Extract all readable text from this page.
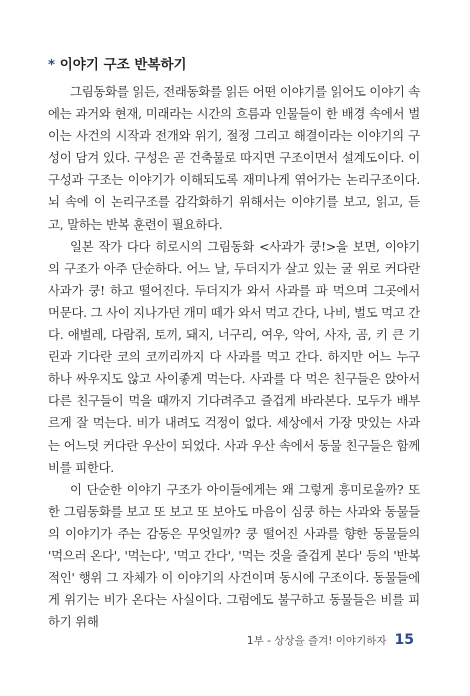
* 이야기 구조 반복하기

그림동화를 읽든, 전래동화를 읽든 어떤 이야기를 읽어도 이야기 속에는 과거와 현재, 미래라는 시간의 흐름과 인물들이 한 배경 속에서 벌이는 사건의 시작과 전개와 위기, 절정 그리고 해결이라는 이야기의 구성이 담겨 있다. 구성은 곧 건축물로 따지면 구조이면서 설계도이다. 이 구성과 구조는 이야기가 이해되도록 재미나게 엮어가는 논리구조이다. 뇌 속에 이 논리구조를 감각화하기 위해서는 이야기를 보고, 읽고, 듣고, 말하는 반복 훈련이 필요하다.

일본 작가 다다 히로시의 그림동화 <사과가 쿵!>을 보면, 이야기의 구조가 아주 단순하다. 어느 날, 두더지가 살고 있는 굴 위로 커다란 사과가 쿵! 하고 떨어진다. 두더지가 와서 사과를 파 먹으며 그곳에서 머문다. 그 사이 지나가던 개미 떼가 와서 먹고 간다, 나비, 벌도 먹고 간다. 애벌레, 다람쥐, 토끼, 돼지, 너구리, 여우, 악어, 사자, 곰, 키 큰 기린과 기다란 코의 코끼리까지 다 사과를 먹고 간다. 하지만 어느 누구 하나 싸우지도 않고 사이좋게 먹는다. 사과를 다 먹은 친구들은 앉아서 다른 친구들이 먹을 때까지 기다려주고 즐겁게 바라본다. 모두가 배부르게 잘 먹는다. 비가 내려도 걱정이 없다. 세상에서 가장 맛있는 사과는 어느덧 커다란 우산이 되었다. 사과 우산 속에서 동물 친구들은 함께 비를 피한다.

이 단순한 이야기 구조가 아이들에게는 왜 그렇게 흥미로울까? 또 한 그림동화를 보고 또 보고 또 보아도 마음이 심쿵 하는 사과와 동물들의 이야기가 주는 감동은 무엇일까? 쿵 떨어진 사과를 향한 동물들의 '먹으러 온다', '먹는다', '먹고 간다', '먹는 것을 즐겁게 본다' 등의 '반복적인' 행위 그 자체가 이 이야기의 사건이며 동시에 구조이다. 동물들에게 위기는 비가 온다는 사실이다. 그럼에도 불구하고 동물들은 비를 피하기 위해

1부 - 상상을 즐겨! 이야기하자 15
